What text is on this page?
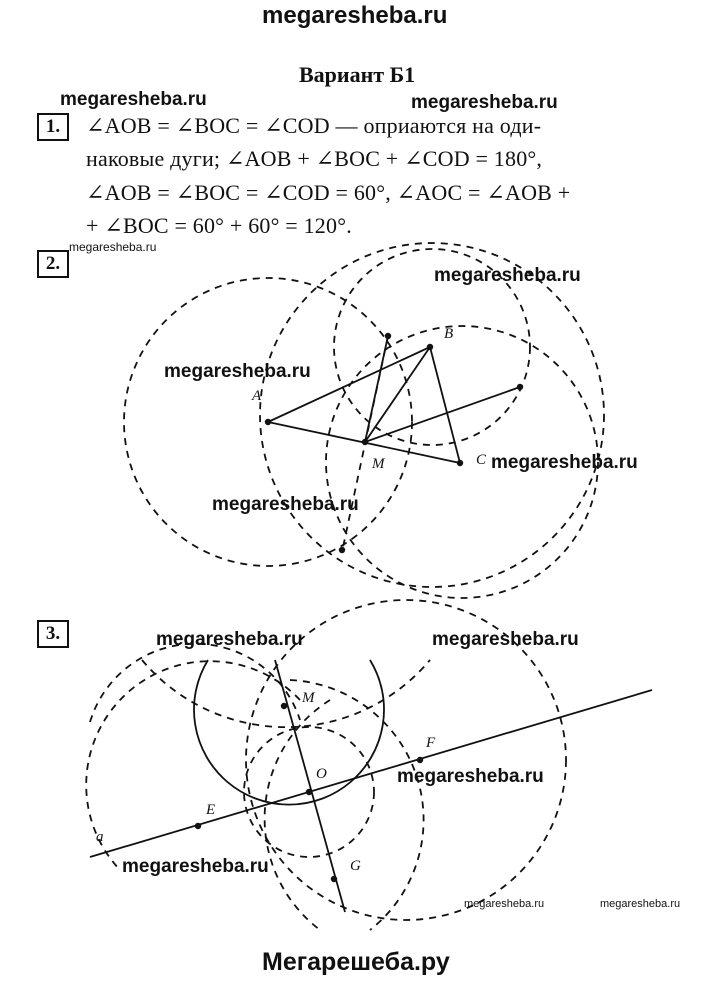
megaresheba.ru
Вариант Б1
megaresheba.ru	megaresheba.ru
1.	∠AOB = ∠BOC = ∠COD — оприаются на оди-
наковые дуги; ∠AOB + ∠BOC + ∠COD = 180°,
∠AOB = ∠BOC = ∠COD = 60°, ∠AOC = ∠AOB +
+ ∠BOC = 60° + 60° = 120°.
megaresheba.ru
2.
3.
A
B
C
M
megaresheba.ru
megaresheba.ru
megaresheba.ru
megaresheba.ru
M
F
O
E
a
G
megaresheba.ru	megaresheba.ru
megaresheba.ru
megaresheba.ru
megaresheba.ru	megaresheba.ru
Мегарешеба.ру
